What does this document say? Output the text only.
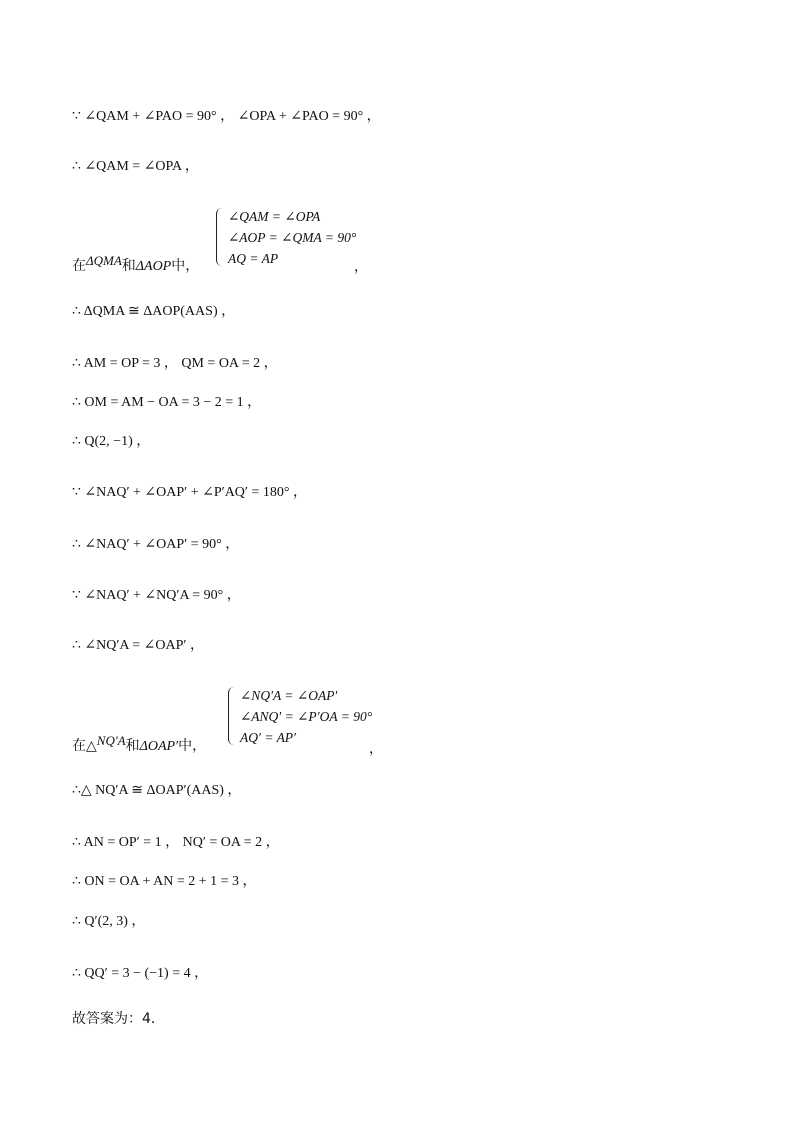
∵ ∠QAM + ∠PAO = 90° ， ∠OPA + ∠PAO = 90° ，
∴ ∠QAM = ∠OPA ，
在ΔQMA和ΔAOP中，
∠QAM = ∠OPA
∠AOP = ∠QMA = 90°
AQ = AP
，
∴ ΔQMA ≅ ΔAOP(AAS) ，
∴ AM = OP = 3 ， QM = OA = 2 ，
∴ OM = AM − OA = 3 − 2 = 1 ，
∴ Q(2, −1) ，
∵ ∠NAQ′ + ∠OAP′ + ∠P′AQ′ = 180° ，
∴ ∠NAQ′ + ∠OAP′ = 90° ，
∵ ∠NAQ′ + ∠NQ′A = 90° ，
∴ ∠NQ′A = ∠OAP′ ，
在△NQ′A和ΔOAP′中，
∠NQ′A = ∠OAP′
∠ANQ′ = ∠P′OA = 90°
AQ′ = AP′
，
∴△ NQ′A ≅ ΔOAP′(AAS) ，
∴ AN = OP′ = 1 ， NQ′ = OA = 2 ，
∴ ON = OA + AN = 2 + 1 = 3 ，
∴ Q′(2, 3) ，
∴ QQ′ = 3 − (−1) = 4 ，
故答案为：4．
